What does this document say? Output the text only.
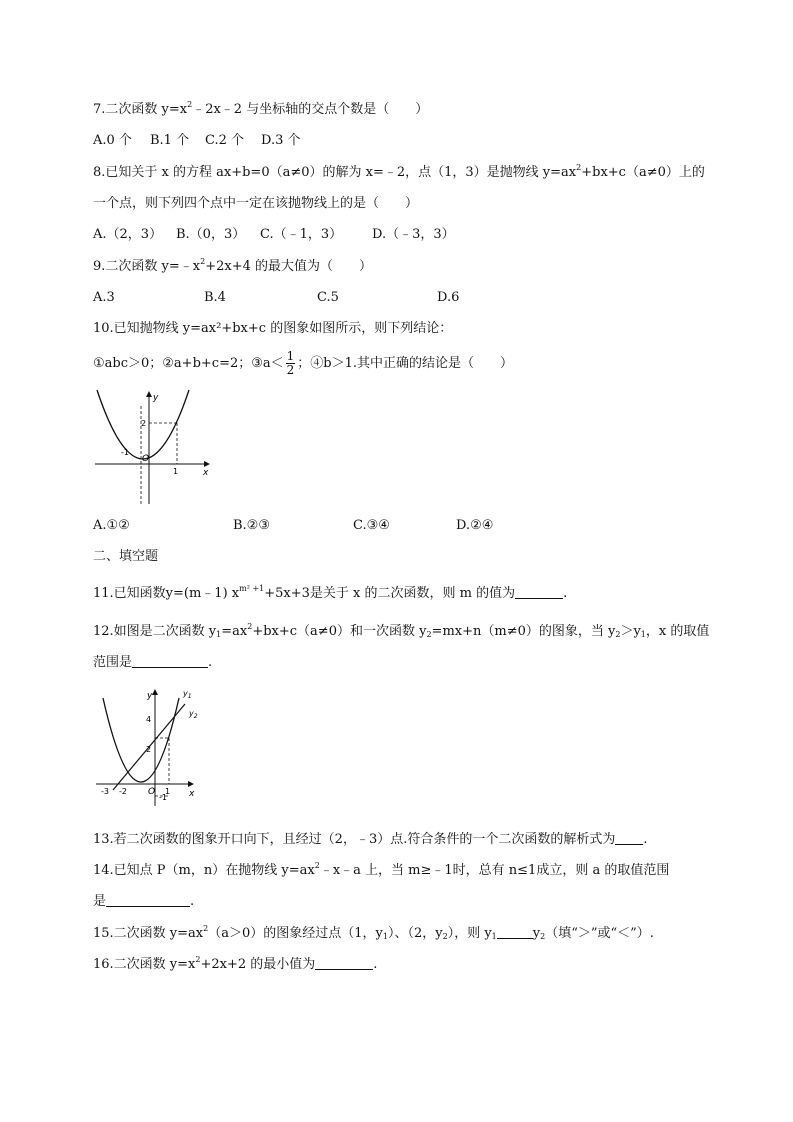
7.二次函数 $y=x^2﹣2x﹣2$ 与坐标轴的交点个数是（　　）
A.0 个 B.1 个 C.2 个 D.3 个
8.已知关于 x 的方程 ax+b=0（a≠0）的解为 x=﹣2，点（1，3）是抛物线 $y=ax^2+bx+c(a\ne 0)$上的
一个点，则下列四个点中一定在该抛物线上的是（　　）
A.（2，3） B.（0，3） C.（﹣1，3） D.（﹣3，3）
9.二次函数 $y=﹣x^2+2x+4$ 的最大值为（　　）
A.3	B.4	C.5	D.6
10.已知抛物线 y=ax²+bx+c 的图象如图所示，则下列结论：
①abc＞0；②a+b+c=2；③a＜ $\frac{1}{2}$ ；④b＞1.其中正确的结论是（　　）
y
x
O
-1
1
2
A.①②	B.②③	C.③④	D.②④
二、填空题
11.已知函数y=(m﹣1) $x^{m^2 +1}+5x+3$是关于 x 的二次函数，则 m 的值为	.
12.如图是二次函数 $y_1=ax^2+bx+c(a\ne 0)$和一次函数 $y_2=mx+n(m\ne 0)$的图象，当 $y_2>y_1$，x 的取值
范围是	.
y
x
O
$y_1$
$y_2$
4
2
-1
-3 -2	1
13.若二次函数的图象开口向下，且经过（2，﹣3）点.符合条件的一个二次函数的解析式为 .
14.已知点 P（m，n）在抛物线 $y=ax^2﹣x﹣a$ 上，当 m≥﹣1时，总有 n≤1成立，则 a 的取值范围
是	.
15.二次函数 $y=ax^2(a>0)$的图象经过点（1，$y_1$）、（2，$y_2$），则 $y_1$	$y_2$（填“＞”或“＜”）.
16.二次函数 $y=x^2+2x+2$ 的最小值为	.
